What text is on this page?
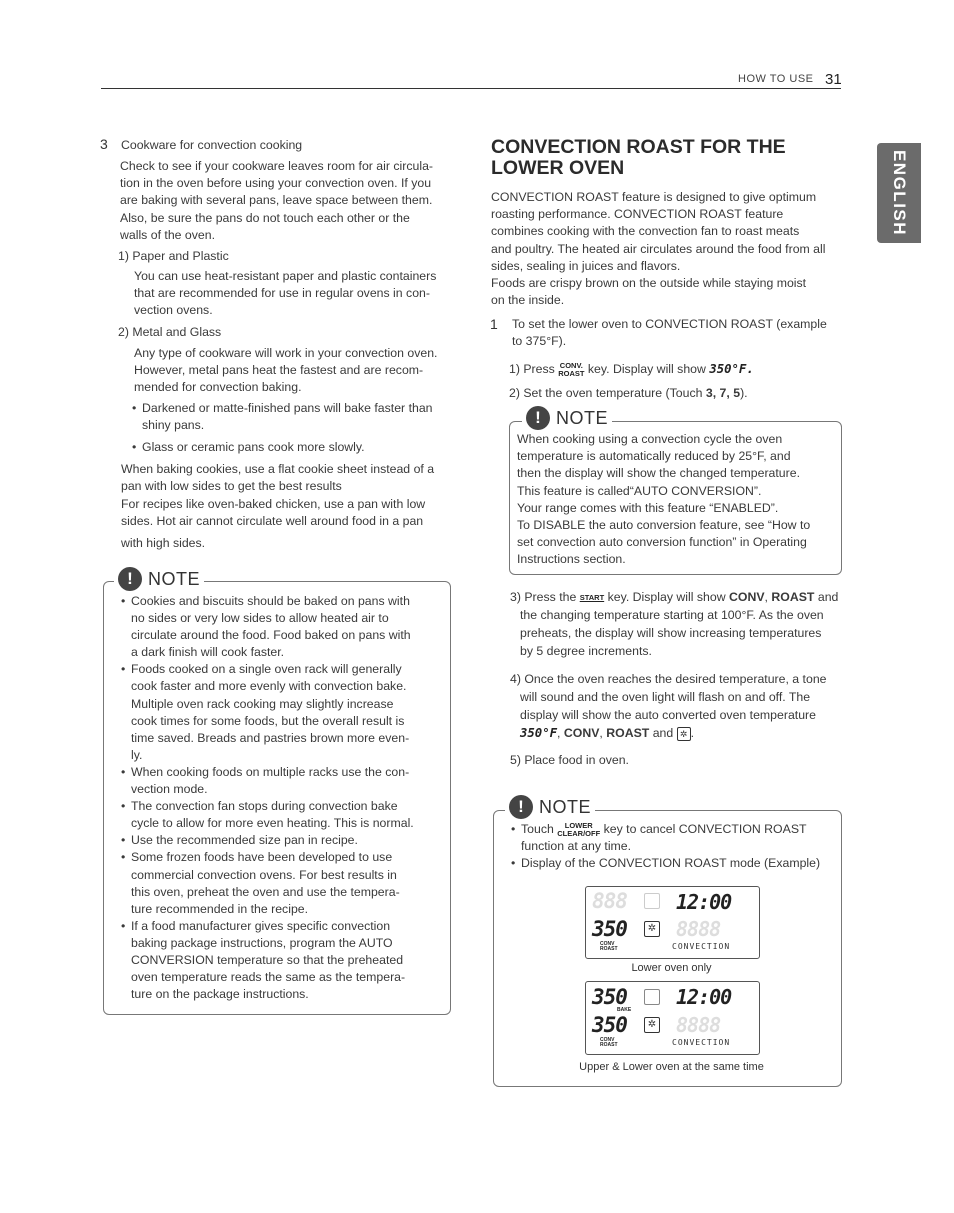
HOW TO USE 31
ENGLISH
3 Cookware for convection cooking
Check to see if your cookware leaves room for air circula-
tion in the oven before using your convection oven. If you
are baking with several pans, leave space between them.
Also, be sure the pans do not touch each other or the
walls of the oven.
1) Paper and Plastic
You can use heat-resistant paper and plastic containers
that are recommended for use in regular ovens in con-
vection ovens.
2) Metal and Glass
Any type of cookware will work in your convection oven.
However, metal pans heat the fastest and are recom-
mended for convection baking.
• Darkened or matte-finished pans will bake faster than
shiny pans.
• Glass or ceramic pans cook more slowly.
When baking cookies, use a flat cookie sheet instead of a
pan with low sides to get the best results
For recipes like oven-baked chicken, use a pan with low
sides. Hot air cannot circulate well around food in a pan
with high sides.
! NOTE
• Cookies and biscuits should be baked on pans with
no sides or very low sides to allow heated air to
circulate around the food. Food baked on pans with
a dark finish will cook faster.
• Foods cooked on a single oven rack will generally
cook faster and more evenly with convection bake.
Multiple oven rack cooking may slightly increase
cook times for some foods, but the overall result is
time saved. Breads and pastries brown more even-
ly.
• When cooking foods on multiple racks use the con-
vection mode.
• The convection fan stops during convection bake
cycle to allow for more even heating. This is normal.
• Use the recommended size pan in recipe.
• Some frozen foods have been developed to use
commercial convection ovens. For best results in
this oven, preheat the oven and use the tempera-
ture recommended in the recipe.
• If a food manufacturer gives specific convection
baking package instructions, program the AUTO
CONVERSION temperature so that the preheated
oven temperature reads the same as the tempera-
ture on the package instructions.
CONVECTION ROAST FOR THE
LOWER OVEN
CONVECTION ROAST feature is designed to give optimum
roasting performance. CONVECTION ROAST feature
combines cooking with the convection fan to roast meats
and poultry. The heated air circulates around the food from all
sides, sealing in juices and flavors.
Foods are crispy brown on the outside while staying moist
on the inside.
1 To set the lower oven to CONVECTION ROAST (example
to 375°F).
1) Press CONV.
ROAST key. Display will show 350°F.
2) Set the oven temperature (Touch 3, 7, 5).
! NOTE
When cooking using a convection cycle the oven
temperature is automatically reduced by 25°F, and
then the display will show the changed temperature.
This feature is called“AUTO CONVERSION”.
Your range comes with this feature “ENABLED”.
To DISABLE the auto conversion feature, see “How to
set convection auto conversion function” in Operating
Instructions section.
3) Press the START key. Display will show CONV, ROAST and
the changing temperature starting at 100°F. As the oven
preheats, the display will show increasing temperatures
by 5 degree increments.
4) Once the oven reaches the desired temperature, a tone
will sound and the oven light will flash on and off. The
display will show the auto converted oven temperature
350°F, CONV, ROAST and ✲ .
5) Place food in oven.
! NOTE
• Touch LOWER
CLEAR/OFF key to cancel CONVECTION ROAST
function at any time.
• Display of the CONVECTION ROAST mode (Example)
888 12:00
350	✲ 8888
CONV
ROAST	CONVECTION
Lower oven only
350 12:00
BAKE
350	✲ 8888
CONV
ROAST	CONVECTION
Upper & Lower oven at the same time
